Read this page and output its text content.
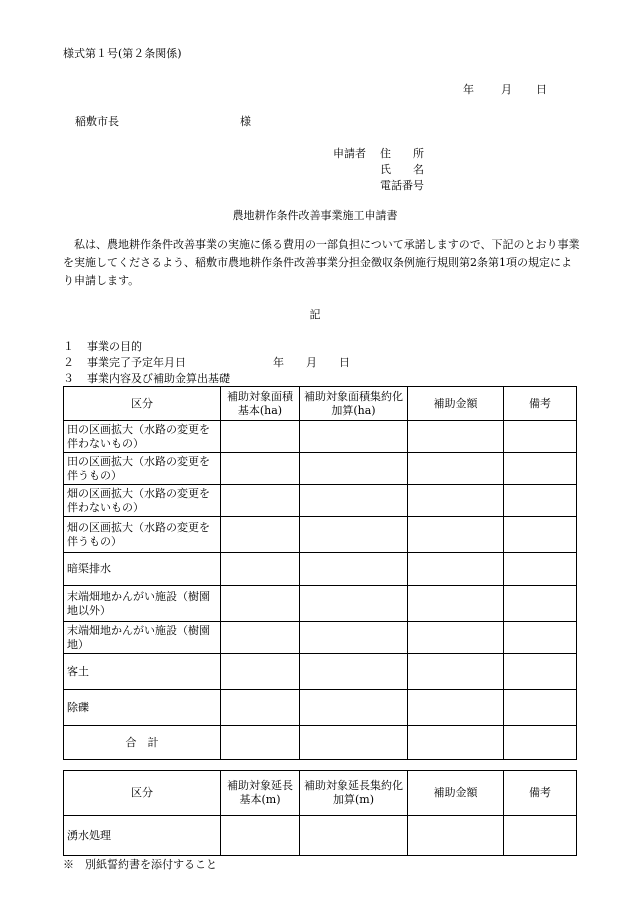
様式第１号(第２条関係)
年 月 日
稲敷市長	様
申請者 住　　所
氏　　名
電話番号
農地耕作条件改善事業施工申請書
　私は、農地耕作条件改善事業の実施に係る費用の一部負担について承諾しますので、下記のとおり事業を実施してくださるよう、稲敷市農地耕作条件改善事業分担金徴収条例施行規則第2条第1項の規定により申請します。
記
１ 事業の目的
２ 事業完了予定年月日	年　　月　　日
３ 事業内容及び補助金算出基礎
区分	補助対象面積基本(ha)	補助対象面積集約化加算(ha)	補助金額	備考
田の区画拡大（水路の変更を伴わないもの）				
田の区画拡大（水路の変更を伴うもの）				
畑の区画拡大（水路の変更を伴わないもの）				
畑の区画拡大（水路の変更を伴うもの）				
暗渠排水				
末端畑地かんがい施設（樹園地以外）				
末端畑地かんがい施設（樹園地）				
客土				
除礫				
合　計				
区分	補助対象延長基本(m)	補助対象延長集約化加算(m)	補助金額	備考
湧水処理				
※　別紙誓約書を添付すること
